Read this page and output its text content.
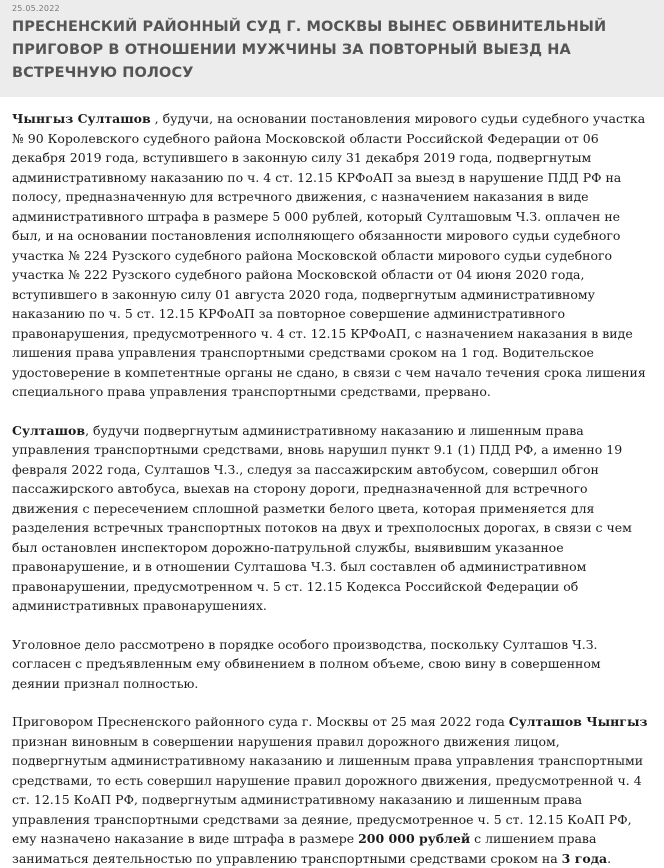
25.05.2022
ПРЕСНЕНСКИЙ РАЙОННЫЙ СУД Г. МОСКВЫ ВЫНЕС ОБВИНИТЕЛЬНЫЙ ПРИГОВОР В ОТНОШЕНИИ МУЖЧИНЫ ЗА ПОВТОРНЫЙ ВЫЕЗД НА ВСТРЕЧНУЮ ПОЛОСУ

Чынгыз Султашов , будучи, на основании постановления мирового судьи судебного участка № 90 Королевского судебного района Московской области Российской Федерации от 06 декабря 2019 года, вступившего в законную силу 31 декабря 2019 года, подвергнутым административному наказанию по ч. 4 ст. 12.15 КРФоАП за выезд в нарушение ПДД РФ на полосу, предназначенную для встречного движения, с назначением наказания в виде административного штрафа в размере 5 000 рублей, который Султашовым Ч.З. оплачен не был, и на основании постановления исполняющего обязанности мирового судьи судебного участка № 224 Рузского судебного района Московской области мирового судьи судебного участка № 222 Рузского судебного района Московской области от 04 июня 2020 года, вступившего в законную силу 01 августа 2020 года, подвергнутым административному наказанию по ч. 5 ст. 12.15 КРФоАП за повторное совершение административного правонарушения, предусмотренного ч. 4 ст. 12.15 КРФоАП, с назначением наказания в виде лишения права управления транспортными средствами сроком на 1 год. Водительское удостоверение в компетентные органы не сдано, в связи с чем начало течения срока лишения специального права управления транспортными средствами, прервано.

Султашов, будучи подвергнутым административному наказанию и лишенным права управления транспортными средствами, вновь нарушил пункт 9.1 (1) ПДД РФ, а именно 19 февраля 2022 года, Султашов Ч.З., следуя за пассажирским автобусом, совершил обгон пассажирского автобуса, выехав на сторону дороги, предназначенной для встречного движения с пересечением сплошной разметки белого цвета, которая применяется для разделения встречных транспортных потоков на двух и трехполосных дорогах, в связи с чем был остановлен инспектором дорожно-патрульной службы, выявившим указанное правонарушение, и в отношении Султашова Ч.З. был составлен об административном правонарушении, предусмотренном ч. 5 ст. 12.15 Кодекса Российской Федерации об административных правонарушениях.

Уголовное дело рассмотрено в порядке особого производства, поскольку Султашов Ч.З. согласен с предъявленным ему обвинением в полном объеме, свою вину в совершенном деянии признал полностью.

Приговором Пресненского районного суда г. Москвы от 25 мая 2022 года Султашов Чынгыз признан виновным в совершении нарушения правил дорожного движения лицом, подвергнутым административному наказанию и лишенным права управления транспортными средствами, то есть совершил нарушение правил дорожного движения, предусмотренной ч. 4 ст. 12.15 КоАП РФ, подвергнутым административному наказанию и лишенным права управления транспортными средствами за деяние, предусмотренное ч. 5 ст. 12.15 КоАП РФ, ему назначено наказание в виде штрафа в размере 200 000 рублей с лишением права заниматься деятельностью по управлению транспортными средствами сроком на 3 года.
